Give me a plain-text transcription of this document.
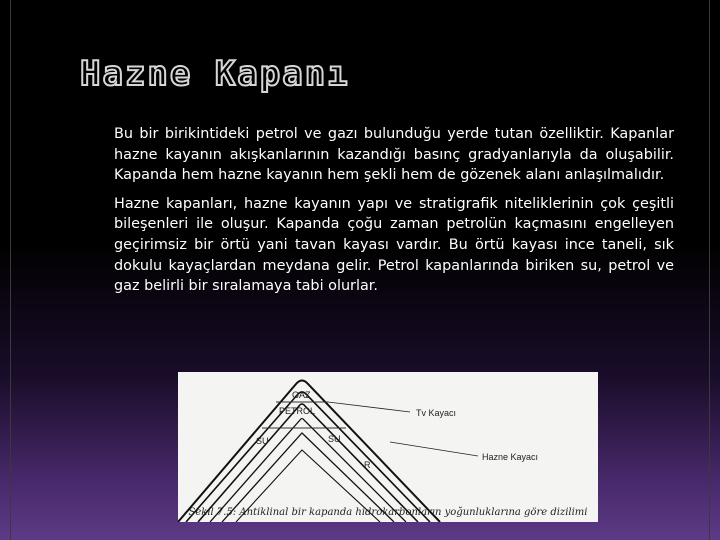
Hazne Kapanı

Bu bir birikintideki petrol ve gazı bulunduğu yerde tutan özelliktir. Kapanlar hazne kayanın akışkanlarının kazandığı basınç gradyanlarıyla da oluşabilir. Kapanda hem hazne kayanın hem şekli hem de gözenek alanı anlaşılmalıdır.

Hazne kapanları, hazne kayanın yapı ve stratigrafik niteliklerinin çok çeşitli bileşenleri ile oluşur. Kapanda çoğu zaman petrolün kaçmasını engelleyen geçirimsiz bir örtü yani tavan kayası vardır. Bu örtü kayası ince taneli, sık dokulu kayaçlardan meydana gelir. Petrol kapanlarında biriken su, petrol ve gaz belirli bir sıralamaya tabi olurlar.

GAZ
PETROL
SU	SU
Tv Kayacı
Hazne Kayacı
R
Şekil 7.5: Antiklinal bir kapanda hidrokarbonların yoğunluklarına göre dizilimi
